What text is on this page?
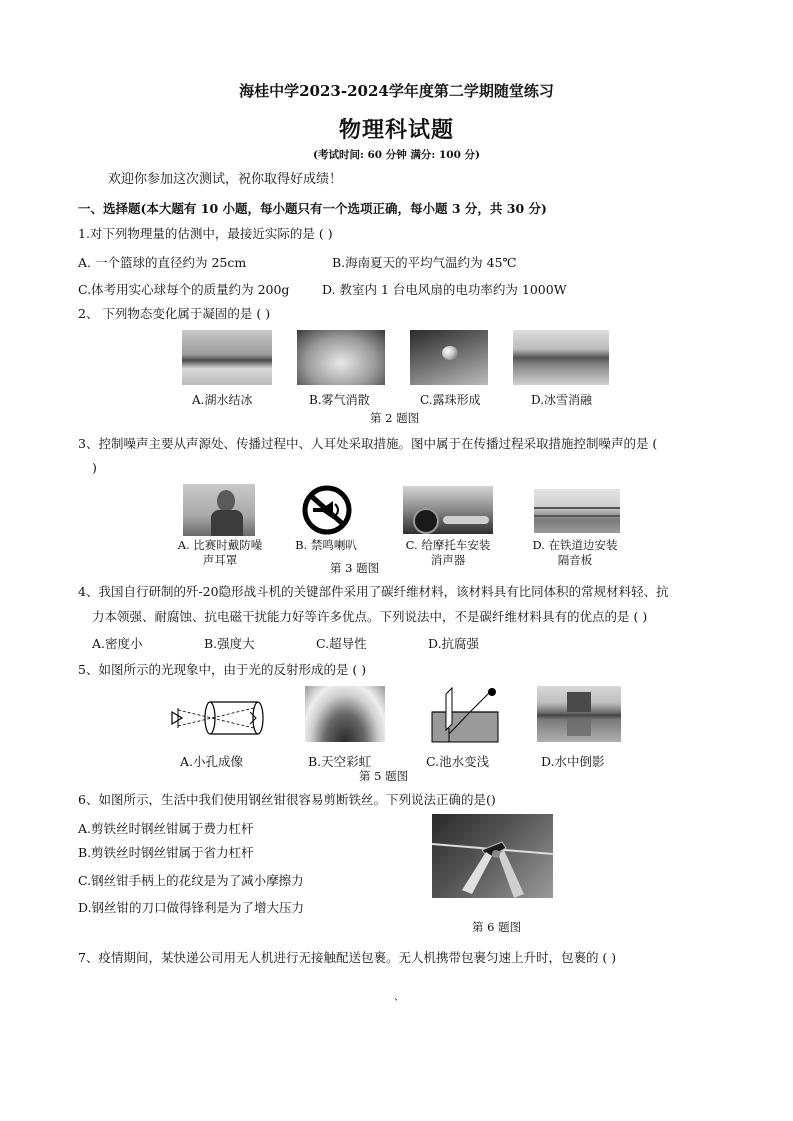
海桂中学2023-2024学年度第二学期随堂练习
物理科试题
(考试时间: 60 分钟 满分: 100 分)
欢迎你参加这次测试，祝你取得好成绩！
一、选择题(本大题有 10 小题，每小题只有一个选项正确，每小题 3 分，共 30 分)
1.对下列物理量的估测中，最接近实际的是 ( )
A. 一个篮球的直径约为 25cm	B.海南夏天的平均气温约为 45℃
C.体考用实心球每个的质量约为 200g	D. 教室内 1 台电风扇的电功率约为 1000W
2、 下列物态变化属于凝固的是 ( )
A.湖水结冰	B.雾气消散	C.露珠形成	D.冰雪消融
第 2 题图
3、控制噪声主要从声源处、传播过程中、人耳处采取措施。图中属于在传播过程采取措施控制噪声的是 (
)
A. 比赛时戴防噪声耳罩
B. 禁鸣喇叭	C. 给摩托车安装消声器
D. 在铁道边安装隔音板
第 3 题图
4、我国自行研制的歼-20隐形战斗机的关键部件采用了碳纤维材料，该材料具有比同体积的常规材料轻、抗
力本领强、耐腐蚀、抗电磁干扰能力好等许多优点。下列说法中，不是碳纤维材料具有的优点的是 ( )
A.密度小	B.强度大	C.超导性	D.抗腐强
5、如图所示的光现象中，由于光的反射形成的是 ( )
A.小孔成像	B.天空彩虹	C.池水变浅	D.水中倒影
第 5 题图
6、如图所示，生活中我们使用钢丝钳很容易剪断铁丝。下列说法正确的是()
A.剪铁丝时钢丝钳属于费力杠杆
B.剪铁丝时钢丝钳属于省力杠杆
C.钢丝钳手柄上的花纹是为了减小摩擦力
D.钢丝钳的刀口做得锋利是为了增大压力
第 6 题图
7、疫情期间，某快递公司用无人机进行无接触配送包裹。无人机携带包裹匀速上升时，包裹的 ( )
、
